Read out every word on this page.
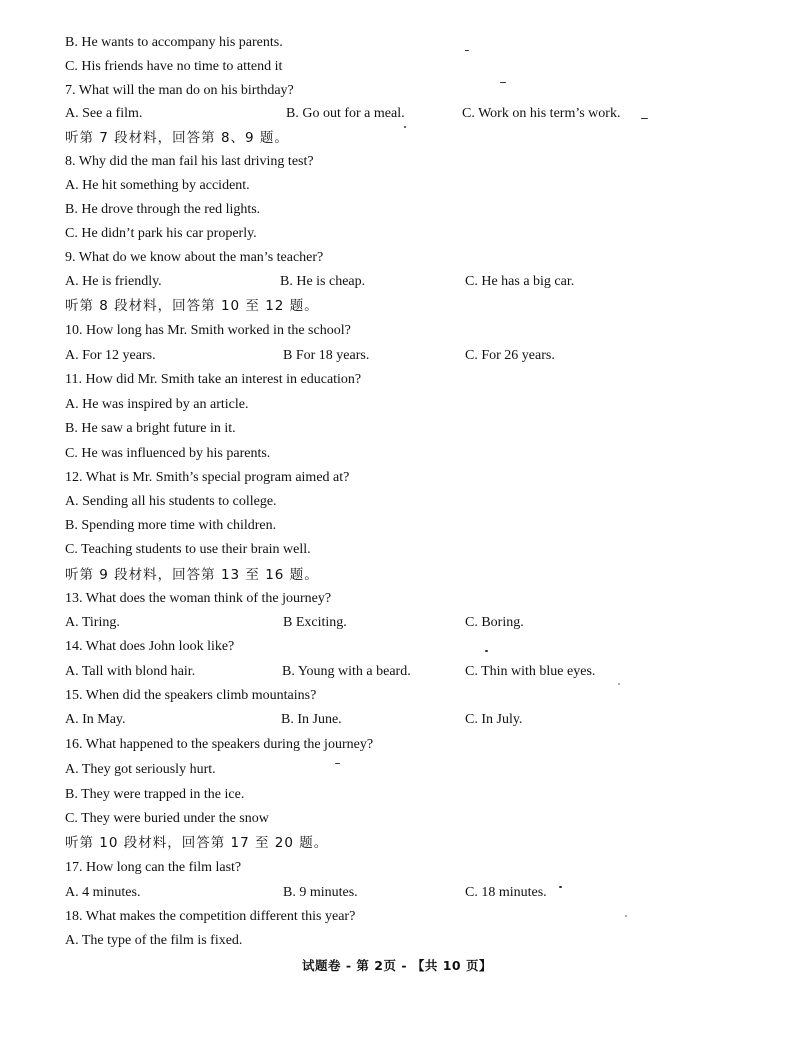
B. He wants to accompany his parents.
C. His friends have no time to attend it
7. What will the man do on his birthday?
A. See a film.	B. Go out for a meal.	C. Work on his term’s work.
听第 7 段材料，回答第 8、9 题。
8. Why did the man fail his last driving test?
A. He hit something by accident.
B. He drove through the red lights.
C. He didn’t park his car properly.
9. What do we know about the man’s teacher?
A. He is friendly.	B. He is cheap.	C. He has a big car.
听第 8 段材料，回答第 10 至 12 题。
10. How long has Mr. Smith worked in the school?
A. For 12 years.	B For 18 years.	C. For 26 years.
11. How did Mr. Smith take an interest in education?
A. He was inspired by an article.
B. He saw a bright future in it.
C. He was influenced by his parents.
12. What is Mr. Smith’s special program aimed at?
A. Sending all his students to college.
B. Spending more time with children.
C. Teaching students to use their brain well.
听第 9 段材料，回答第 13 至 16 题。
13. What does the woman think of the journey?
A. Tiring.	B Exciting.	C. Boring.
14. What does John look like?
A. Tall with blond hair.	B. Young with a beard.	C. Thin with blue eyes.
15. When did the speakers climb mountains?
A. In May.	B. In June.	C. In July.
16. What happened to the speakers during the journey?
A. They got seriously hurt.
B. They were trapped in the ice.
C. They were buried under the snow
听第 10 段材料，回答第 17 至 20 题。
17. How long can the film last?
A. 4 minutes.	B. 9 minutes.	C. 18 minutes.
18. What makes the competition different this year?
A. The type of the film is fixed.
试题卷 - 第 2页 - 【共 10 页】
